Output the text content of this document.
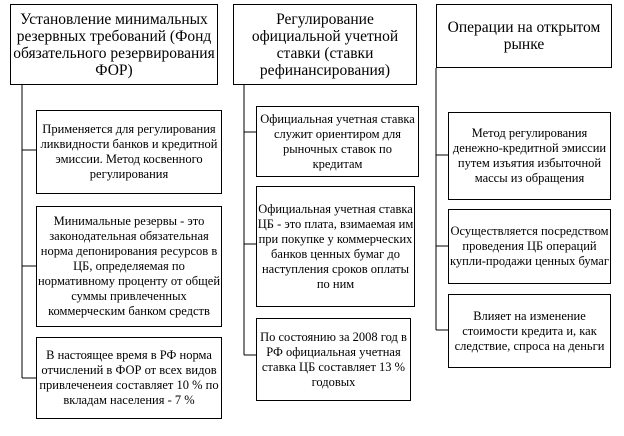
Установление минимальных резервных требований (Фонд обязательного резервирования ФОР)
Применяется для регулирования ликвидности банков и кредитной эмиссии. Метод косвенного регулирования
Минимальные резервы - это законодательная обязательная норма депонирования ресурсов в ЦБ, определяемая по нормативному проценту от общей суммы привлеченных коммерческим банком средств
В настоящее время в РФ норма отчислений в ФОР от всех видов привлеченеия составляет 10 % по вкладам населения - 7 %
Регулирование официальной учетной ставки (ставки рефинансирования)
Официальная учетная ставка служит ориентиром для рыночных ставок по кредитам
Официальная учетная ставка ЦБ - это плата, взимаемая им при покупке у коммерческих банков ценных бумаг до наступления сроков оплаты по ним
По состоянию за 2008 год в РФ официальная учетная ставка ЦБ составляет 13 % годовых
Операции на открытом рынке
Метод регулирования денежно-кредитной эмиссии путем изъятия избыточной массы из обращения
Осуществляется посредством проведения ЦБ операций купли-продажи ценных бумаг
Влияет на изменение стоимости кредита и, как следствие, спроса на деньги
